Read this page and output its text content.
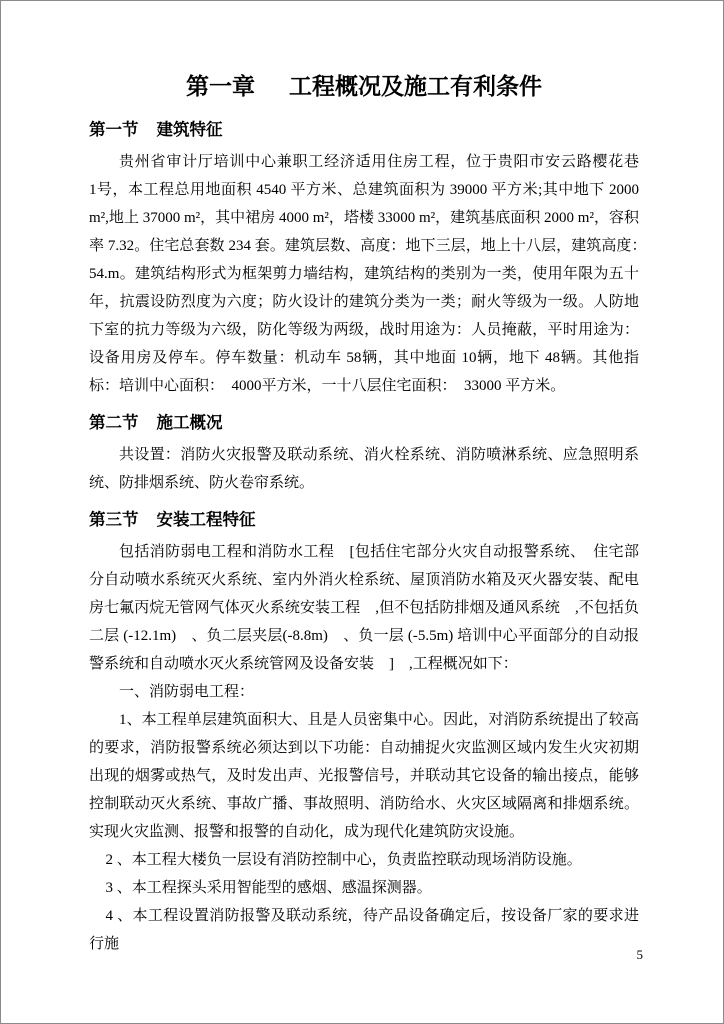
第一章 工程概况及施工有利条件
第一节 建筑特征

贵州省审计厅培训中心兼职工经济适用住房工程，位于贵阳市安云路樱花巷　 1号，本工程总用地面积 4540 平方米、总建筑面积为 39000 平方米;其中地下 2000 m²,地上 37000 m²，其中裙房 4000 m²，塔楼 33000 m²，建筑基底面积 2000 m²，容积率 7.32。住宅总套数 234 套。建筑层数、高度：地下三层，地上十八层，建筑高度：　54.m。建筑结构形式为框架剪力墙结构，建筑结构的类别为一类，使用年限为五十年，抗震设防烈度为六度；防火设计的建筑分类为一类；耐火等级为一级。人防地下室的抗力等级为六级，防化等级为两级，战时用途为：人员掩蔽，平时用途为：设备用房及停车。停车数量：机动车 58辆，其中地面 10辆，地下 48辆。其他指标：培训中心面积：　4000平方米，一十八层住宅面积：　33000 平方米。

第二节 施工概况

共设置：消防火灾报警及联动系统、消火栓系统、消防喷淋系统、应急照明系统、防排烟系统、防火卷帘系统。

第三节 安装工程特征

包括消防弱电工程和消防水工程　[包括住宅部分火灾自动报警系统、　住宅部分自动喷水系统灭火系统、室内外消火栓系统、屋顶消防水箱及灭火器安装、配电房七氟丙烷无管网气体灭火系统安装工程　,但不包括防排烟及通风系统　,不包括负二层 (-12.1m)　、负二层夹层(-8.8m)　、负一层 (-5.5m) 培训中心平面部分的自动报警系统和自动喷水灭火系统管网及设备安装　]　,工程概况如下：

一、消防弱电工程：

1、本工程单层建筑面积大、且是人员密集中心。因此，对消防系统提出了较高的要求，消防报警系统必须达到以下功能：自动捕捉火灾监测区域内发生火灾初期出现的烟雾或热气，及时发出声、光报警信号，并联动其它设备的输出接点，能够控制联动灭火系统、事故广播、事故照明、消防给水、火灾区域隔离和排烟系统。实现火灾监测、报警和报警的自动化，成为现代化建筑防灾设施。

2 、本工程大楼负一层设有消防控制中心，负责监控联动现场消防设施。

3 、本工程探头采用智能型的感烟、感温探测器。

4 、本工程设置消防报警及联动系统，待产品设备确定后，按设备厂家的要求进行施

5
